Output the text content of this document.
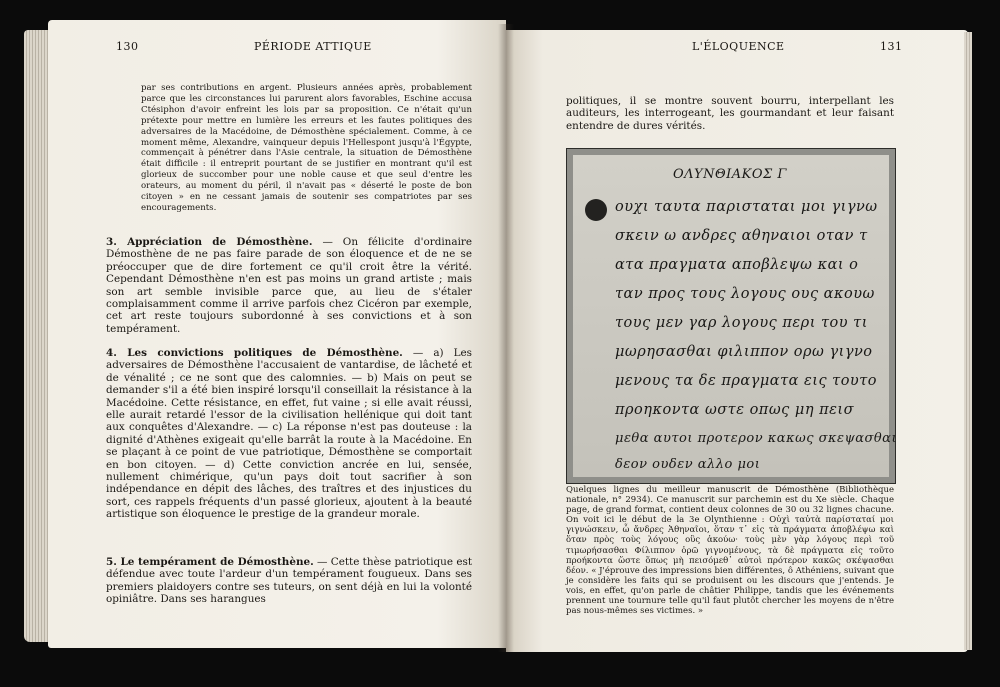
130	PÉRIODE ATTIQUE

par ses contributions en argent. Plusieurs années après, probablement parce que les circonstances lui parurent alors favorables, Eschine accusa Ctésiphon d'avoir enfreint les lois par sa proposition. Ce n'était qu'un prétexte pour mettre en lumière les erreurs et les fautes politiques des adversaires de la Macédoine, de Démosthène spécialement. Comme, à ce moment même, Alexandre, vainqueur depuis l'Hellespont jusqu'à l'Égypte, commençait à pénétrer dans l'Asie centrale, la situation de Démosthène était difficile : il entreprit pourtant de se justifier en montrant qu'il est glorieux de succomber pour une noble cause et que seul d'entre les orateurs, au moment du péril, il n'avait pas « déserté le poste de bon citoyen » en ne cessant jamais de soutenir ses compatriotes par ses encouragements.

3. Appréciation de Démosthène. — On félicite d'ordinaire Démosthène de ne pas faire parade de son éloquence et de ne se préoccuper que de dire fortement ce qu'il croit être la vérité. Cependant Démosthène n'en est pas moins un grand artiste ; mais son art semble invisible parce que, au lieu de s'étaler complaisamment comme il arrive parfois chez Cicéron par exemple, cet art reste toujours subordonné à ses convictions et à son tempérament.
4. Les convictions politiques de Démosthène. — a) Les adversaires de Démosthène l'accusaient de vantardise, de lâcheté et de vénalité ; ce ne sont que des calomnies. — b) Mais on peut se demander s'il a été bien inspiré lorsqu'il conseillait la résistance à la Macédoine. Cette résistance, en effet, fut vaine ; si elle avait réussi, elle aurait retardé l'essor de la civilisation hellénique qui doit tant aux conquêtes d'Alexandre. — c) La réponse n'est pas douteuse : la dignité d'Athènes exigeait qu'elle barrât la route à la Macédoine. En se plaçant à ce point de vue patriotique, Démosthène se comportait en bon citoyen. — d) Cette conviction ancrée en lui, sensée, nullement chimérique, qu'un pays doit tout sacrifier à son indépendance en dépit des lâches, des traîtres et des injustices du sort, ces rappels fréquents d'un passé glorieux, ajoutent à la beauté artistique son éloquence le prestige de la grandeur morale.
5. Le tempérament de Démosthène. — Cette thèse patriotique est défendue avec toute l'ardeur d'un tempérament fougueux. Dans ses premiers plaidoyers contre ses tuteurs, on sent déjà en lui la volonté opiniâtre. Dans ses harangues
L'ÉLOQUENCE	131

politiques, il se montre souvent bourru, interpellant les auditeurs, les interrogeant, les gourmandant et leur faisant entendre de dures vérités.

ΟΛΥΝΘΙΑΚΟΣ Γ
ουχι ταυτα παρισταται μοι γιγνω
σκειν ω ανδρες αθηναιοι οταν τ
ατα πραγματα αποβλεψω και ο
ταν προς τους λογους ους ακουω
τους μεν γαρ λογους περι του τι
μωρησασθαι φιλιππον ορω γιγνο
μενους τα δε πραγματα εις τουτο
προηκοντα ωστε οπως μη πεισ
μεθα αυτοι προτερον κακως σκεψασθαι
δεον ουδεν αλλο μοι

Quelques lignes du meilleur manuscrit de Démosthène (Bibliothèque nationale, n° 2934). Ce manuscrit sur parchemin est du Xe siècle. Chaque page, de grand format, contient deux colonnes de 30 ou 32 lignes chacune. On voit ici le début de la 3e Olynthienne : Οὐχὶ ταὐτὰ παρίσταταί μοι γιγνώσκειν, ὦ ἄνδρες Ἀθηναῖοι, ὅταν τ᾽ εἰς τὰ πράγματα ἀποβλέψω καὶ ὅταν πρὸς τοὺς λόγους οὓς ἀκούω· τοὺς μὲν γὰρ λόγους περὶ τοῦ τιμωρήσασθαι Φίλιππον ὁρῶ γιγνομένους, τὰ δὲ πράγματα εἰς τοῦτο προήκοντα ὥστε ὅπως μὴ πεισόμεθ᾽ αὐτοὶ πρότερον κακῶς σκέψασθαι δέον. « J'éprouve des impressions bien différentes, ô Athéniens, suivant que je considère les faits qui se produisent ou les discours que j'entends. Je vois, en effet, qu'on parle de châtier Philippe, tandis que les événements prennent une tournure telle qu'il faut plutôt chercher les moyens de n'être pas nous-mêmes ses victimes. »
